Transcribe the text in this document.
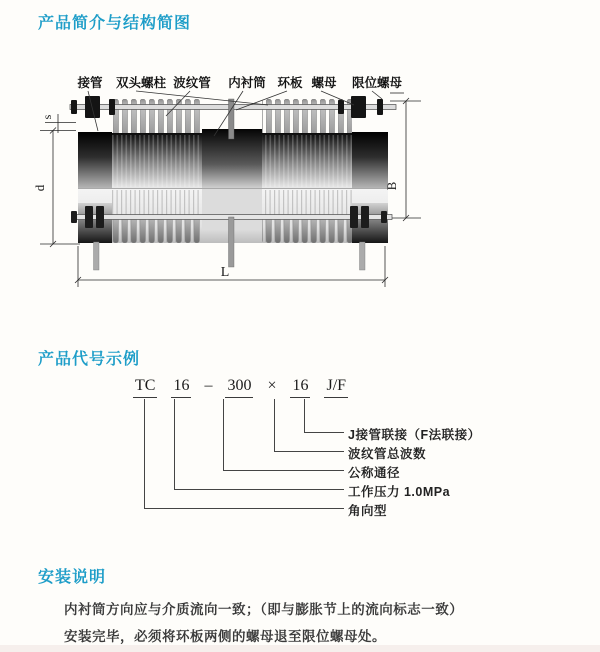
产品简介与结构简图
接管 双头螺柱 波纹管 内衬筒 环板 螺母 限位螺母
s
d	B
L
产品代号示例
TC 16 – 300 × 16 J/F
J接管联接（F法联接）
波纹管总波数
公称通径
工作压力 1.0MPa
角向型
安装说明
内衬筒方向应与介质流向一致；（即与膨胀节上的流向标志一致）
安装完毕，必须将环板两侧的螺母退至限位螺母处。
